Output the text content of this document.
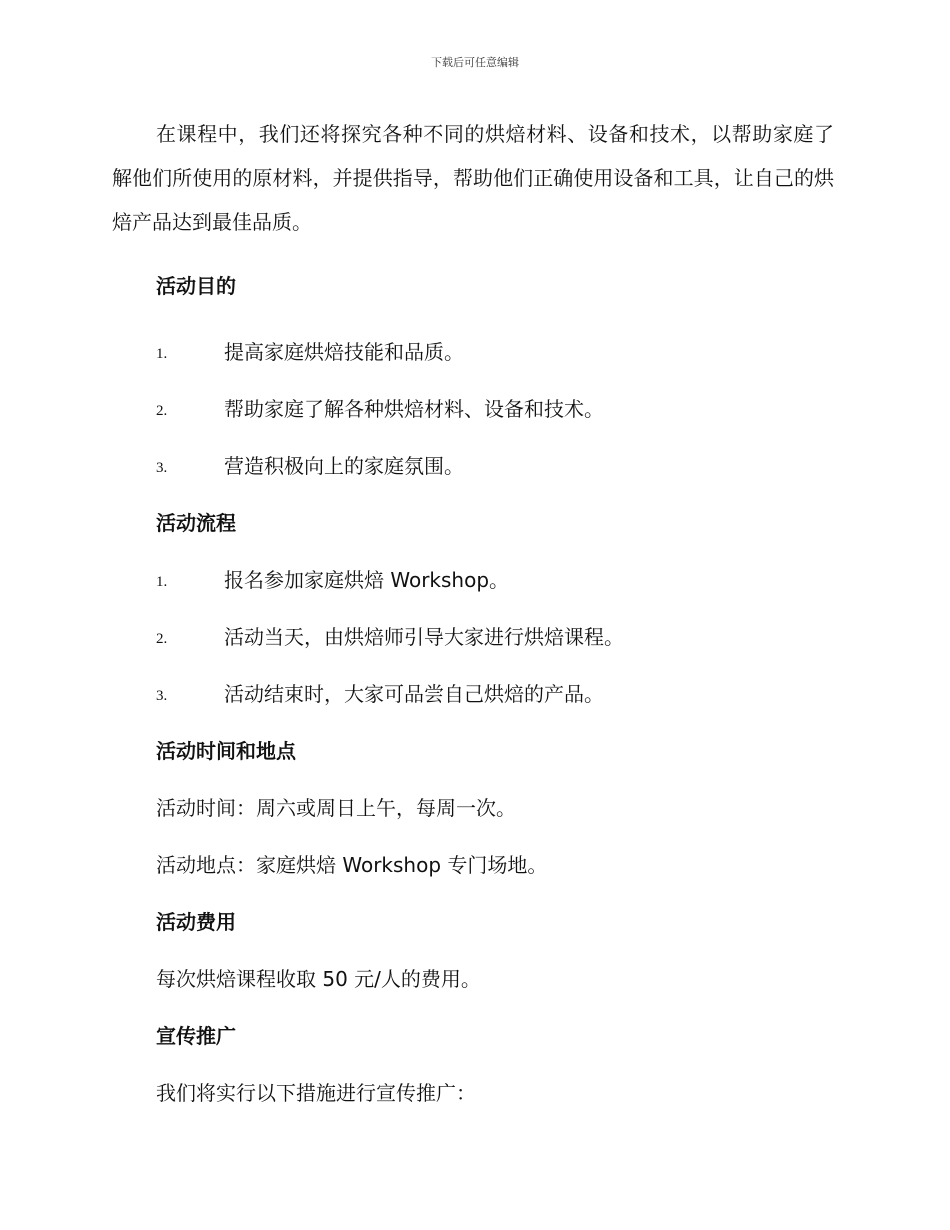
下载后可任意编辑

在课程中，我们还将探究各种不同的烘焙材料、设备和技术，以帮助家庭了解他们所使用的原材料，并提供指导，帮助他们正确使用设备和工具，让自己的烘焙产品达到最佳品质。

活动目的

1.	提高家庭烘焙技能和品质。
2.	帮助家庭了解各种烘焙材料、设备和技术。
3.	营造积极向上的家庭氛围。

活动流程

1.	报名参加家庭烘焙 Workshop。
2.	活动当天，由烘焙师引导大家进行烘焙课程。
3.	活动结束时，大家可品尝自己烘焙的产品。

活动时间和地点

活动时间：周六或周日上午，每周一次。

活动地点：家庭烘焙 Workshop 专门场地。

活动费用

每次烘焙课程收取 50 元/人的费用。

宣传推广

我们将实行以下措施进行宣传推广：
